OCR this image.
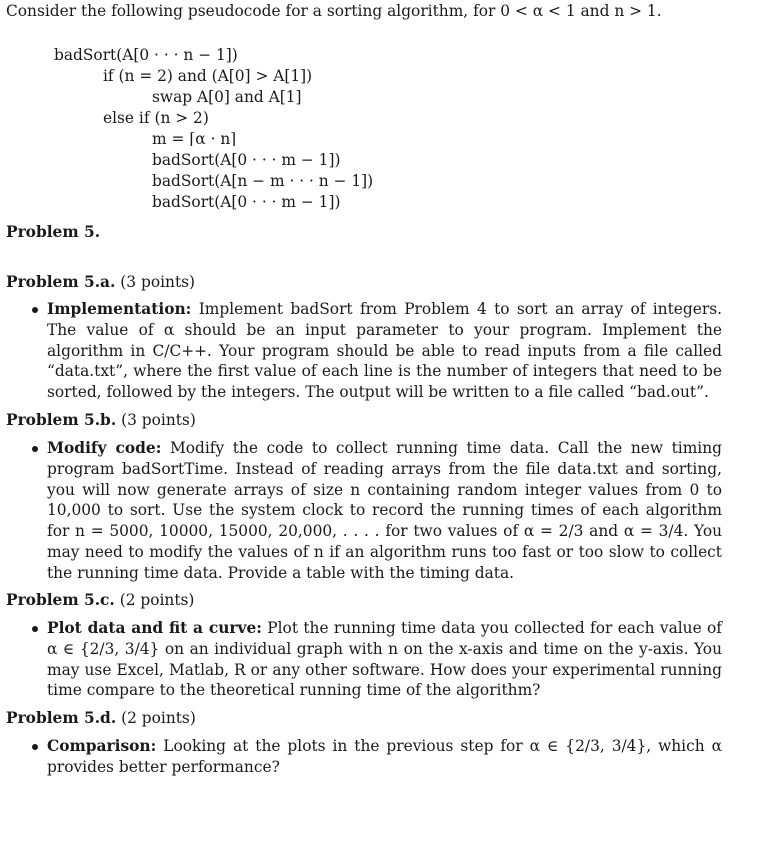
Consider the following pseudocode for a sorting algorithm, for 0 < α < 1 and n > 1.
badSort(A[0 · · · n − 1])
if (n = 2) and (A[0] > A[1])
swap A[0] and A[1]
else if (n > 2)
m = ⌈α · n⌉
badSort(A[0 · · · m − 1])
badSort(A[n − m · · · n − 1])
badSort(A[0 · · · m − 1])
Problem 5.
Problem 5.a. (3 points)
Implementation: Implement badSort from Problem 4 to sort an array of integers. The value of α should be an input parameter to your program. Implement the algorithm in C/C++. Your program should be able to read inputs from a file called “data.txt”, where the first value of each line is the number of integers that need to be sorted, followed by the integers. The output will be written to a file called “bad.out”.
Problem 5.b. (3 points)
Modify code: Modify the code to collect running time data. Call the new timing program badSortTime. Instead of reading arrays from the file data.txt and sorting, you will now generate arrays of size n containing random integer values from 0 to 10,000 to sort. Use the system clock to record the running times of each algorithm for n = 5000, 10000, 15000, 20,000, . . . . for two values of α = 2/3 and α = 3/4. You may need to modify the values of n if an algorithm runs too fast or too slow to collect the running time data. Provide a table with the timing data.
Problem 5.c. (2 points)
Plot data and fit a curve: Plot the running time data you collected for each value of α ∈ {2/3, 3/4} on an individual graph with n on the x-axis and time on the y-axis. You may use Excel, Matlab, R or any other software. How does your experimental running time compare to the theoretical running time of the algorithm?
Problem 5.d. (2 points)
Comparison: Looking at the plots in the previous step for α ∈ {2/3, 3/4}, which α provides better performance?
